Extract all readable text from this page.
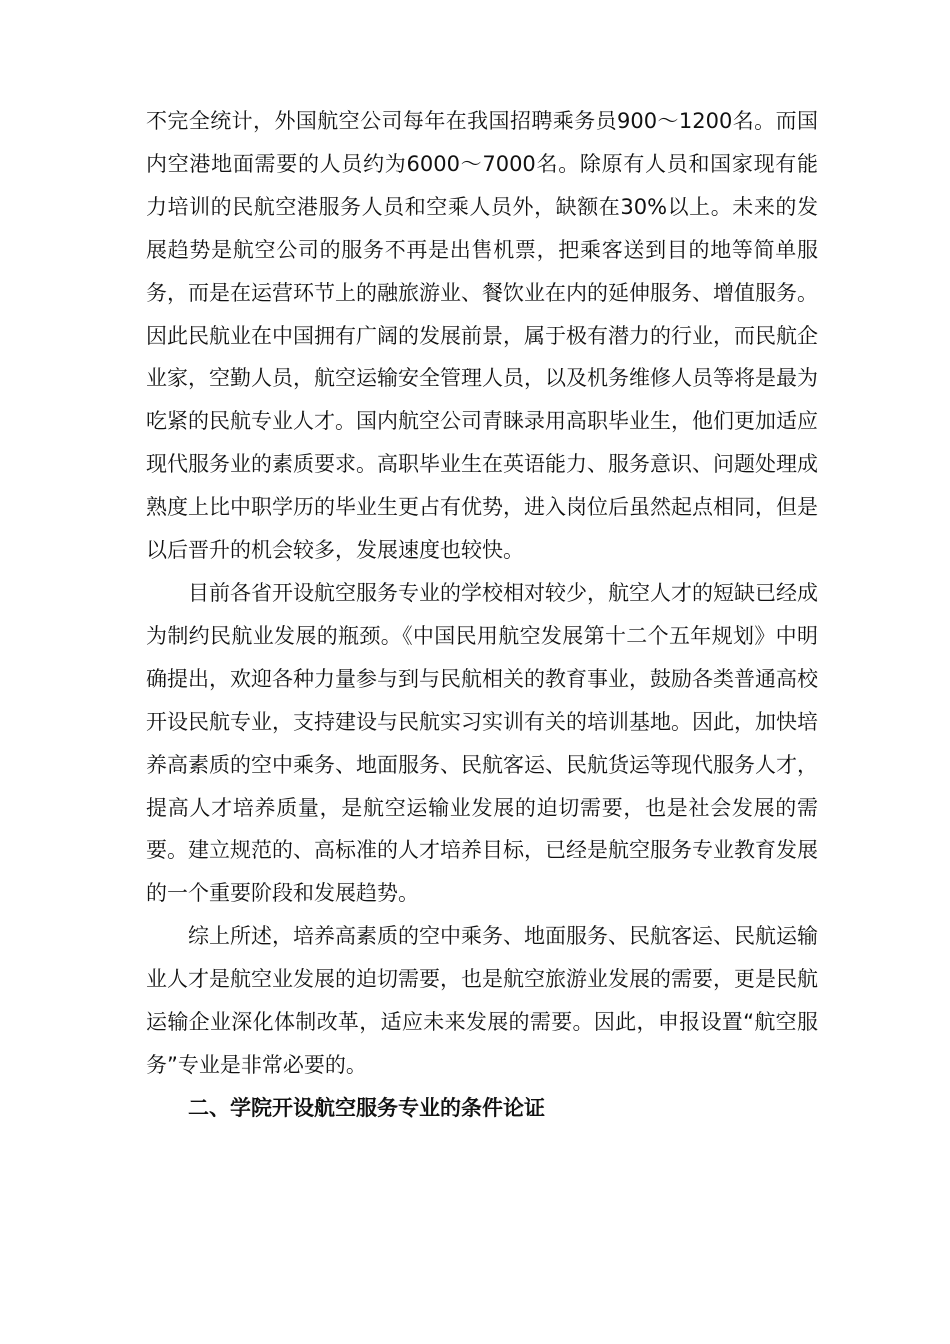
不完全统计，外国航空公司每年在我国招聘乘务员900～1200名。而国内空港地面需要的人员约为6000～7000名。除原有人员和国家现有能力培训的民航空港服务人员和空乘人员外，缺额在30%以上。未来的发展趋势是航空公司的服务不再是出售机票，把乘客送到目的地等简单服务，而是在运营环节上的融旅游业、餐饮业在内的延伸服务、增值服务。因此民航业在中国拥有广阔的发展前景，属于极有潜力的行业，而民航企业家，空勤人员，航空运输安全管理人员，以及机务维修人员等将是最为吃紧的民航专业人才。国内航空公司青睐录用高职毕业生，他们更加适应现代服务业的素质要求。高职毕业生在英语能力、服务意识、问题处理成熟度上比中职学历的毕业生更占有优势，进入岗位后虽然起点相同，但是以后晋升的机会较多，发展速度也较快。

目前各省开设航空服务专业的学校相对较少，航空人才的短缺已经成为制约民航业发展的瓶颈。《中国民用航空发展第十二个五年规划》中明确提出，欢迎各种力量参与到与民航相关的教育事业，鼓励各类普通高校开设民航专业，支持建设与民航实习实训有关的培训基地。因此，加快培养高素质的空中乘务、地面服务、民航客运、民航货运等现代服务人才，提高人才培养质量，是航空运输业发展的迫切需要，也是社会发展的需要。建立规范的、高标准的人才培养目标，已经是航空服务专业教育发展的一个重要阶段和发展趋势。

综上所述，培养高素质的空中乘务、地面服务、民航客运、民航运输业人才是航空业发展的迫切需要，也是航空旅游业发展的需要，更是民航运输企业深化体制改革，适应未来发展的需要。因此，申报设置“航空服务”专业是非常必要的。

二、学院开设航空服务专业的条件论证
